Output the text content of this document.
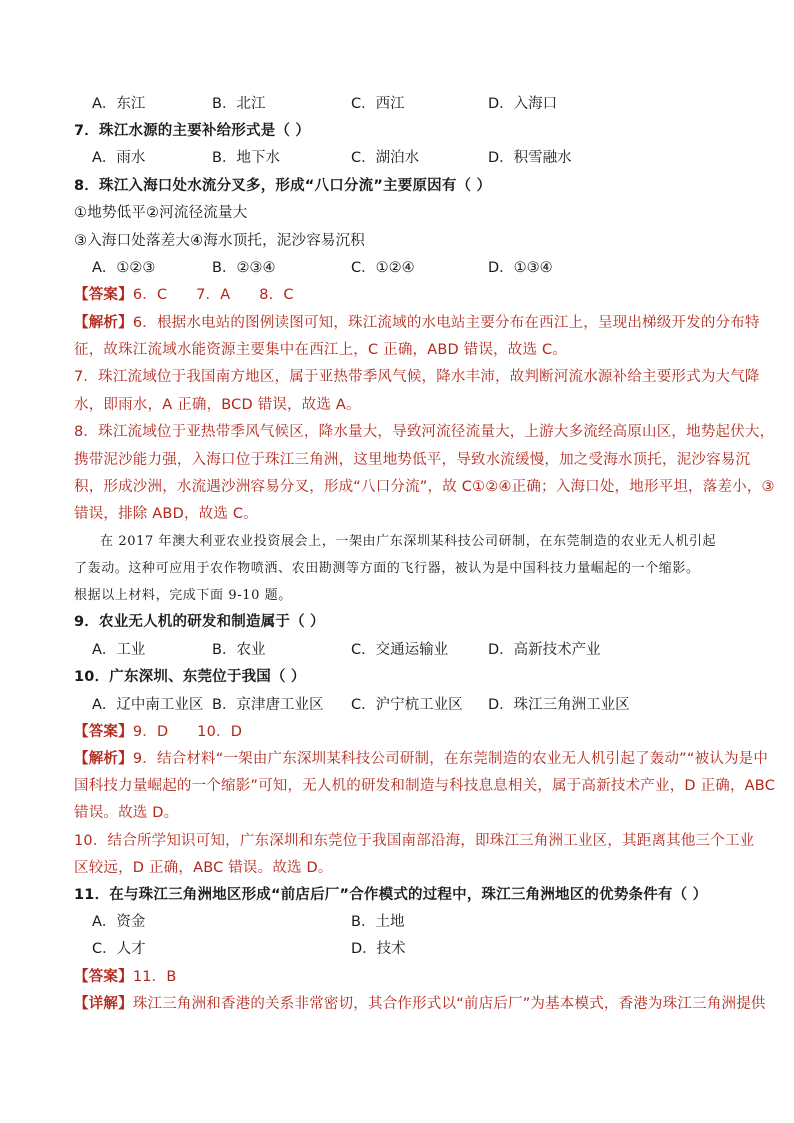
A．东江	B．北江	C．西江	D．入海口
7．珠江水源的主要补给形式是（ ）
A．雨水	B．地下水	C．湖泊水	D．积雪融水
8．珠江入海口处水流分叉多，形成“八口分流”主要原因有（ ）
①地势低平②河流径流量大
③入海口处落差大④海水顶托，泥沙容易沉积
A．①②③	B．②③④	C．①②④	D．①③④
【答案】6．C      7．A      8．C
【解析】6．根据水电站的图例读图可知，珠江流域的水电站主要分布在西江上，呈现出梯级开发的分布特
征，故珠江流域水能资源主要集中在西江上，C 正确，ABD 错误，故选 C。
7．珠江流域位于我国南方地区，属于亚热带季风气候，降水丰沛，故判断河流水源补给主要形式为大气降
水，即雨水，A 正确，BCD 错误，故选 A。
8．珠江流域位于亚热带季风气候区，降水量大，导致河流径流量大，上游大多流经高原山区，地势起伏大，
携带泥沙能力强，入海口位于珠江三角洲，这里地势低平，导致水流缓慢，加之受海水顶托，泥沙容易沉
积，形成沙洲，水流遇沙洲容易分叉，形成“八口分流”，故 C①②④正确；入海口处，地形平坦，落差小，③
错误，排除 ABD，故选 C。
在 2017 年澳大利亚农业投资展会上，一架由广东深圳某科技公司研制，在东莞制造的农业无人机引起
了轰动。这种可应用于农作物喷洒、农田勘测等方面的飞行器，被认为是中国科技力量崛起的一个缩影。
根据以上材料，完成下面 9-10 题。
9．农业无人机的研发和制造属于（ ）
A．工业	B．农业	C．交通运输业	D．高新技术产业
10．广东深圳、东莞位于我国（ ）
A．辽中南工业区 B．京津唐工业区 C．沪宁杭工业区 D．珠江三角洲工业区
【答案】9．D      10．D
【解析】9．结合材料“一架由广东深圳某科技公司研制，在东莞制造的农业无人机引起了轰动”“被认为是中
国科技力量崛起的一个缩影”可知，无人机的研发和制造与科技息息相关，属于高新技术产业，D 正确，ABC
错误。故选 D。
10．结合所学知识可知，广东深圳和东莞位于我国南部沿海，即珠江三角洲工业区，其距离其他三个工业
区较远，D 正确，ABC 错误。故选 D。
11．在与珠江三角洲地区形成“前店后厂”合作模式的过程中，珠江三角洲地区的优势条件有（ ）
A．资金	B．土地
C．人才	D．技术
【答案】11．B
【详解】珠江三角洲和香港的关系非常密切，其合作形式以“前店后厂”为基本模式，香港为珠江三角洲提供
